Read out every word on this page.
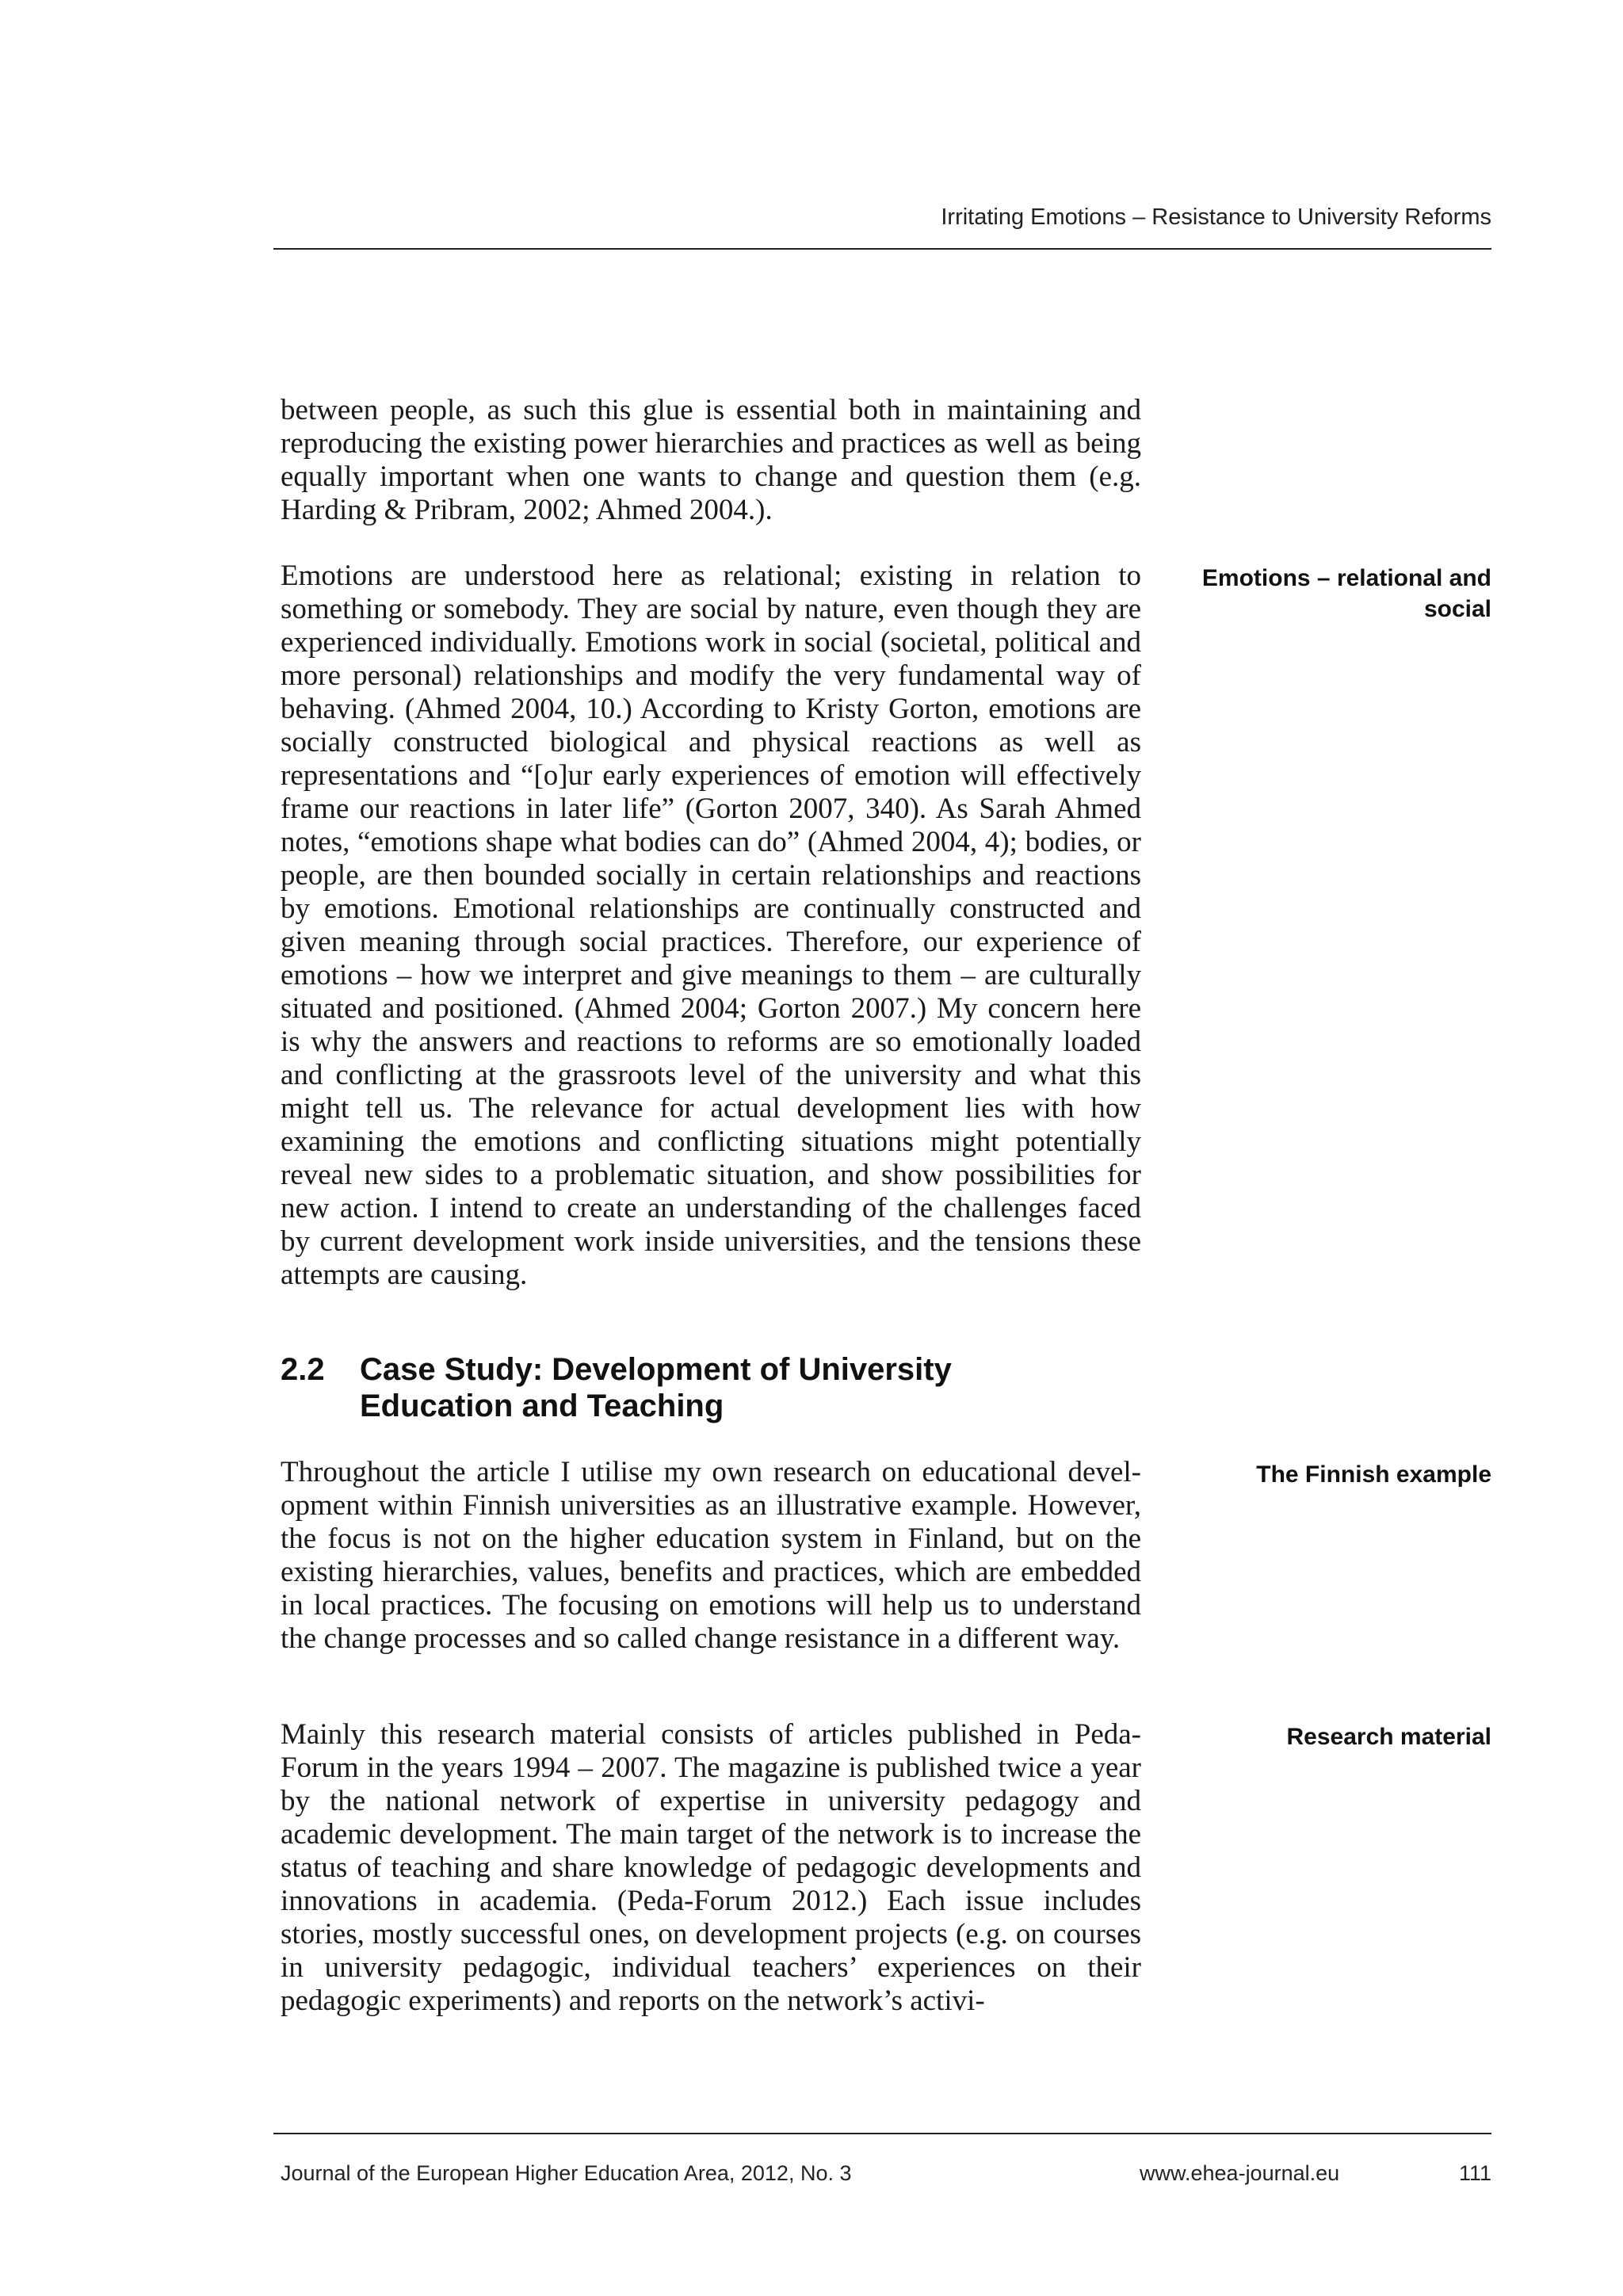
Irritating Emotions – Resistance to University Reforms

between people, as such this glue is essential both in maintaining and reproducing the existing power hierarchies and practices as well as being equally important when one wants to change and question them (e.g. Harding & Pribram, 2002; Ahmed 2004.).

Emotions – relational and social

Emotions are understood here as relational; existing in relation to something or somebody. They are social by nature, even though they are experienced individually. Emotions work in social (societal, political and more personal) relationships and modify the very fundamental way of behaving. (Ahmed 2004, 10.) According to Kristy Gorton, emotions are socially constructed biological and physical reactions as well as representations and “[o]ur early experiences of emotion will effectively frame our reactions in later life” (Gorton 2007, 340). As Sarah Ahmed notes, “emotions shape what bodies can do” (Ahmed 2004, 4); bodies, or people, are then bounded socially in certain relationships and reactions by emotions. Emotional relationships are continually constructed and given meaning through social practices. Therefore, our experience of emotions – how we interpret and give meanings to them – are culturally situated and positioned. (Ahmed 2004; Gorton 2007.) My concern here is why the answers and reactions to reforms are so emotionally loaded and conflicting at the grassroots level of the university and what this might tell us. The relevance for actual development lies with how examining the emotions and conflicting situations might potentially reveal new sides to a problematic situation, and show possibilities for new action. I intend to create an understanding of the challenges faced by current development work inside universities, and the tensions these attempts are causing.

2.2	Case Study: Development of University Education and Teaching

The Finnish example

Throughout the article I utilise my own research on educational development within Finnish universities as an illustrative example. However, the focus is not on the higher education system in Finland, but on the existing hierarchies, values, benefits and practices, which are embedded in local practices. The focusing on emotions will help us to understand the change processes and so called change resistance in a different way.

Research material

Mainly this research material consists of articles published in Peda-Forum in the years 1994 – 2007. The magazine is published twice a year by the national network of expertise in university pedagogy and academic development. The main target of the network is to increase the status of teaching and share knowledge of pedagogic developments and innovations in academia. (Peda-Forum 2012.) Each issue includes stories, mostly successful ones, on development projects (e.g. on courses in university pedagogic, individual teachers’ experiences on their pedagogic experiments) and reports on the network’s activi-

Journal of the European Higher Education Area, 2012, No. 3	www.ehea-journal.eu	111
